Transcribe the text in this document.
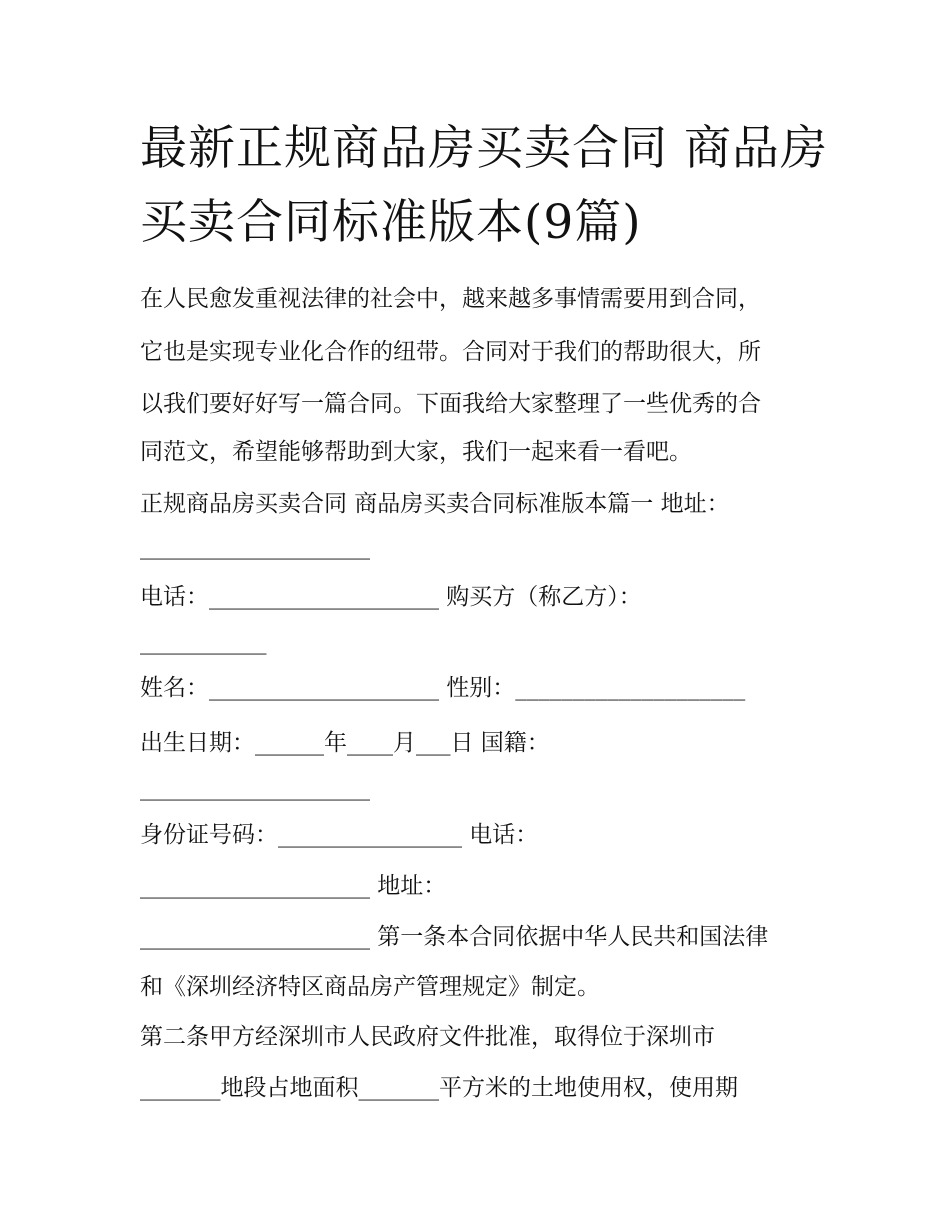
最新正规商品房买卖合同 商品房买卖合同标准版本(9篇)

在人民愈发重视法律的社会中，越来越多事情需要用到合同，

它也是实现专业化合作的纽带。合同对于我们的帮助很大，所

以我们要好好写一篇合同。下面我给大家整理了一些优秀的合

同范文，希望能够帮助到大家，我们一起来看一看吧。

正规商品房买卖合同 商品房买卖合同标准版本篇一 地址：

____________________

电话：____________________ 购买方（称乙方）：

___________

姓名：____________________ 性别：____________________

出生日期：______年____月___日 国籍：

____________________

身份证号码：________________ 电话：

____________________ 地址：

____________________ 第一条本合同依据中华人民共和国法律

和《深圳经济特区商品房产管理规定》制定。

第二条甲方经深圳市人民政府文件批准，取得位于深圳市

_______地段占地面积_______平方米的土地使用权，使用期
